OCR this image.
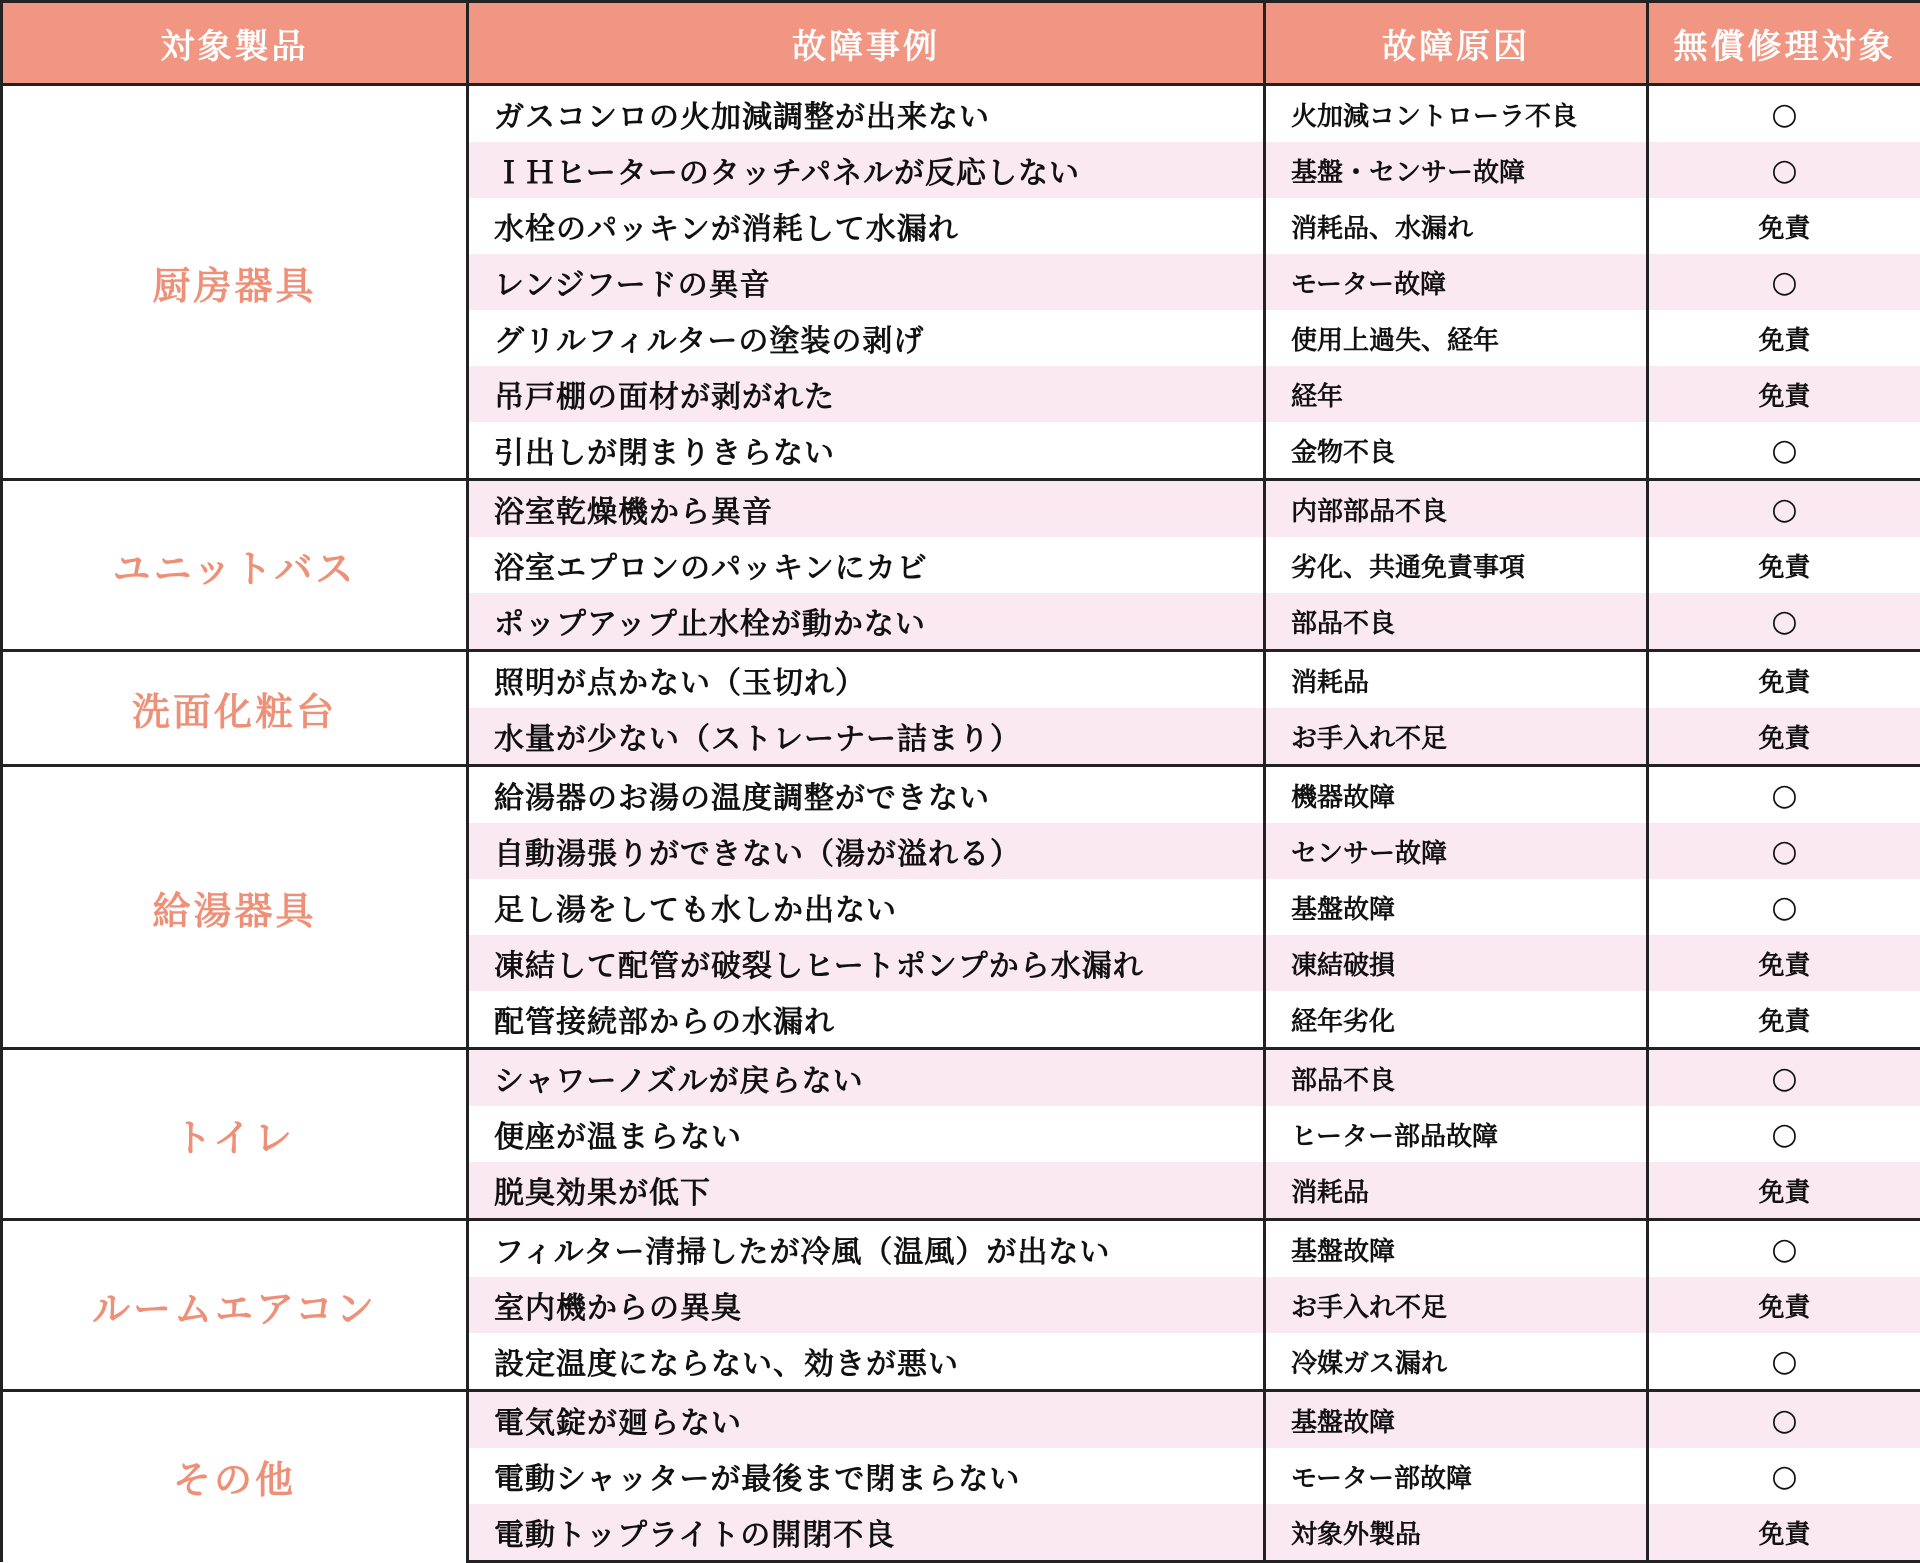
対象製品	故障事例	故障原因	無償修理対象
厨房器具	ガスコンロの火加減調整が出来ない	火加減コントローラ不良	○
	ＩＨヒーターのタッチパネルが反応しない	基盤・センサー故障	○
	水栓のパッキンが消耗して水漏れ	消耗品、水漏れ	免責
	レンジフードの異音	モーター故障	○
	グリルフィルターの塗装の剥げ	使用上過失、経年	免責
	吊戸棚の面材が剥がれた	経年	免責
	引出しが閉まりきらない	金物不良	○
ユニットバス	浴室乾燥機から異音	内部部品不良	○
	浴室エプロンのパッキンにカビ	劣化、共通免責事項	免責
	ポップアップ止水栓が動かない	部品不良	○
洗面化粧台	照明が点かない（玉切れ）	消耗品	免責
	水量が少ない（ストレーナー詰まり）	お手入れ不足	免責
給湯器具	給湯器のお湯の温度調整ができない	機器故障	○
	自動湯張りができない（湯が溢れる）	センサー故障	○
	足し湯をしても水しか出ない	基盤故障	○
	凍結して配管が破裂しヒートポンプから水漏れ	凍結破損	免責
	配管接続部からの水漏れ	経年劣化	免責
トイレ	シャワーノズルが戻らない	部品不良	○
	便座が温まらない	ヒーター部品故障	○
	脱臭効果が低下	消耗品	免責
ルームエアコン	フィルター清掃したが冷風（温風）が出ない	基盤故障	○
	室内機からの異臭	お手入れ不足	免責
	設定温度にならない、効きが悪い	冷媒ガス漏れ	○
その他	電気錠が廻らない	基盤故障	○
	電動シャッターが最後まで閉まらない	モーター部故障	○
	電動トップライトの開閉不良	対象外製品	免責
